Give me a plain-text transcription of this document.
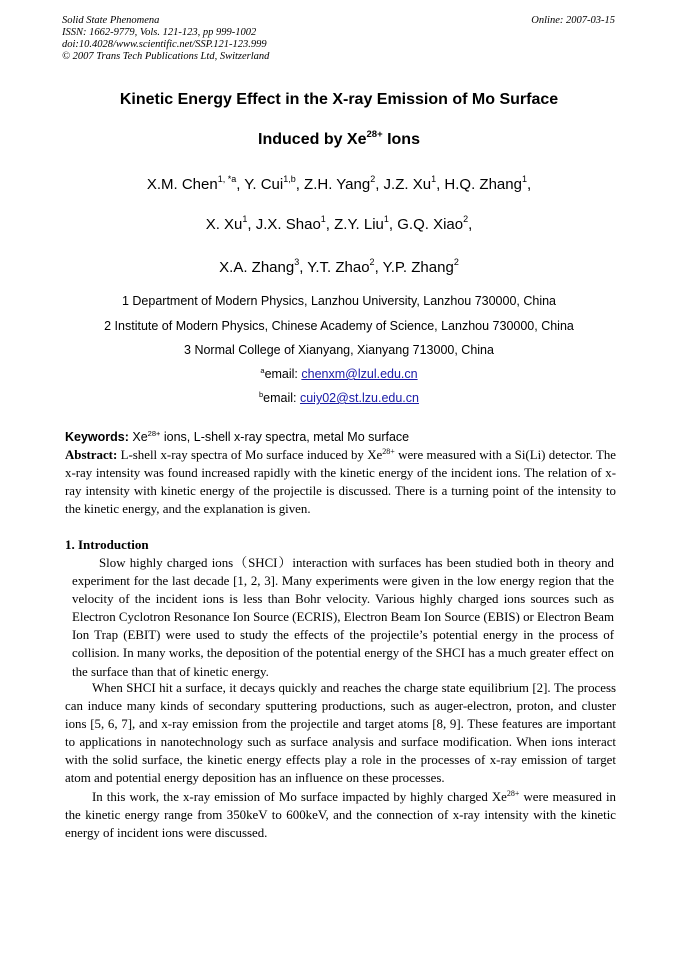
Solid State Phenomena
ISSN: 1662-9779, Vols. 121-123, pp 999-1002
doi:10.4028/www.scientific.net/SSP.121-123.999
© 2007 Trans Tech Publications Ltd, Switzerland
Online: 2007-03-15
Kinetic Energy Effect in the X-ray Emission of Mo Surface
Induced by $Xe^{28+}$ Ions
X.M. Chen$^{1, *a}$, Y. Cui$^{1,b}$, Z.H. Yang$^2$, J.Z. Xu$^1$, H.Q. Zhang$^1$,
X. Xu$^1$, J.X. Shao$^1$, Z.Y. Liu$^1$, G.Q. Xiao$^2$,
X.A. Zhang$^3$, Y.T. Zhao$^2$, Y.P. Zhang$^2$
1 Department of Modern Physics, Lanzhou University, Lanzhou 730000, China
2 Institute of Modern Physics, Chinese Academy of Science, Lanzhou 730000, China
3 Normal College of Xianyang, Xianyang 713000, China
$^a$email: chenxm@lzul.edu.cn
$^b$email: cuiy02@st.lzu.edu.cn
Keywords: $Xe^{28+}$ ions, L-shell x-ray spectra, metal Mo surface
Abstract: L-shell x-ray spectra of Mo surface induced by $Xe^{28+}$ were measured with a Si(Li) detector. The x-ray intensity was found increased rapidly with the kinetic energy of the incident ions. The relation of x-ray intensity with kinetic energy of the projectile is discussed. There is a turning point of the intensity to the kinetic energy, and the explanation is given.
1. Introduction

Slow highly charged ions（SHCI）interaction with surfaces has been studied both in theory and experiment for the last decade [1, 2, 3]. Many experiments were given in the low energy region that the velocity of the incident ions is less than Bohr velocity. Various highly charged ions sources such as Electron Cyclotron Resonance Ion Source (ECRIS), Electron Beam Ion Source (EBIS) or Electron Beam Ion Trap (EBIT) were used to study the effects of the projectile’s potential energy in the process of collision. In many works, the deposition of the potential energy of the SHCI has a much greater effect on the surface than that of kinetic energy.

When SHCI hit a surface, it decays quickly and reaches the charge state equilibrium [2]. The process can induce many kinds of secondary sputtering productions, such as auger-electron, proton, and cluster ions [5, 6, 7], and x-ray emission from the projectile and target atoms [8, 9]. These features are important to applications in nanotechnology such as surface analysis and surface modification. When ions interact with the solid surface, the kinetic energy effects play a role in the processes of x-ray emission of target atom and potential energy deposition has an influence on these processes.

In this work, the x-ray emission of Mo surface impacted by highly charged $Xe^{28+}$ were measured in the kinetic energy range from 350keV to 600keV, and the connection of x-ray intensity with the kinetic energy of incident ions were discussed.
